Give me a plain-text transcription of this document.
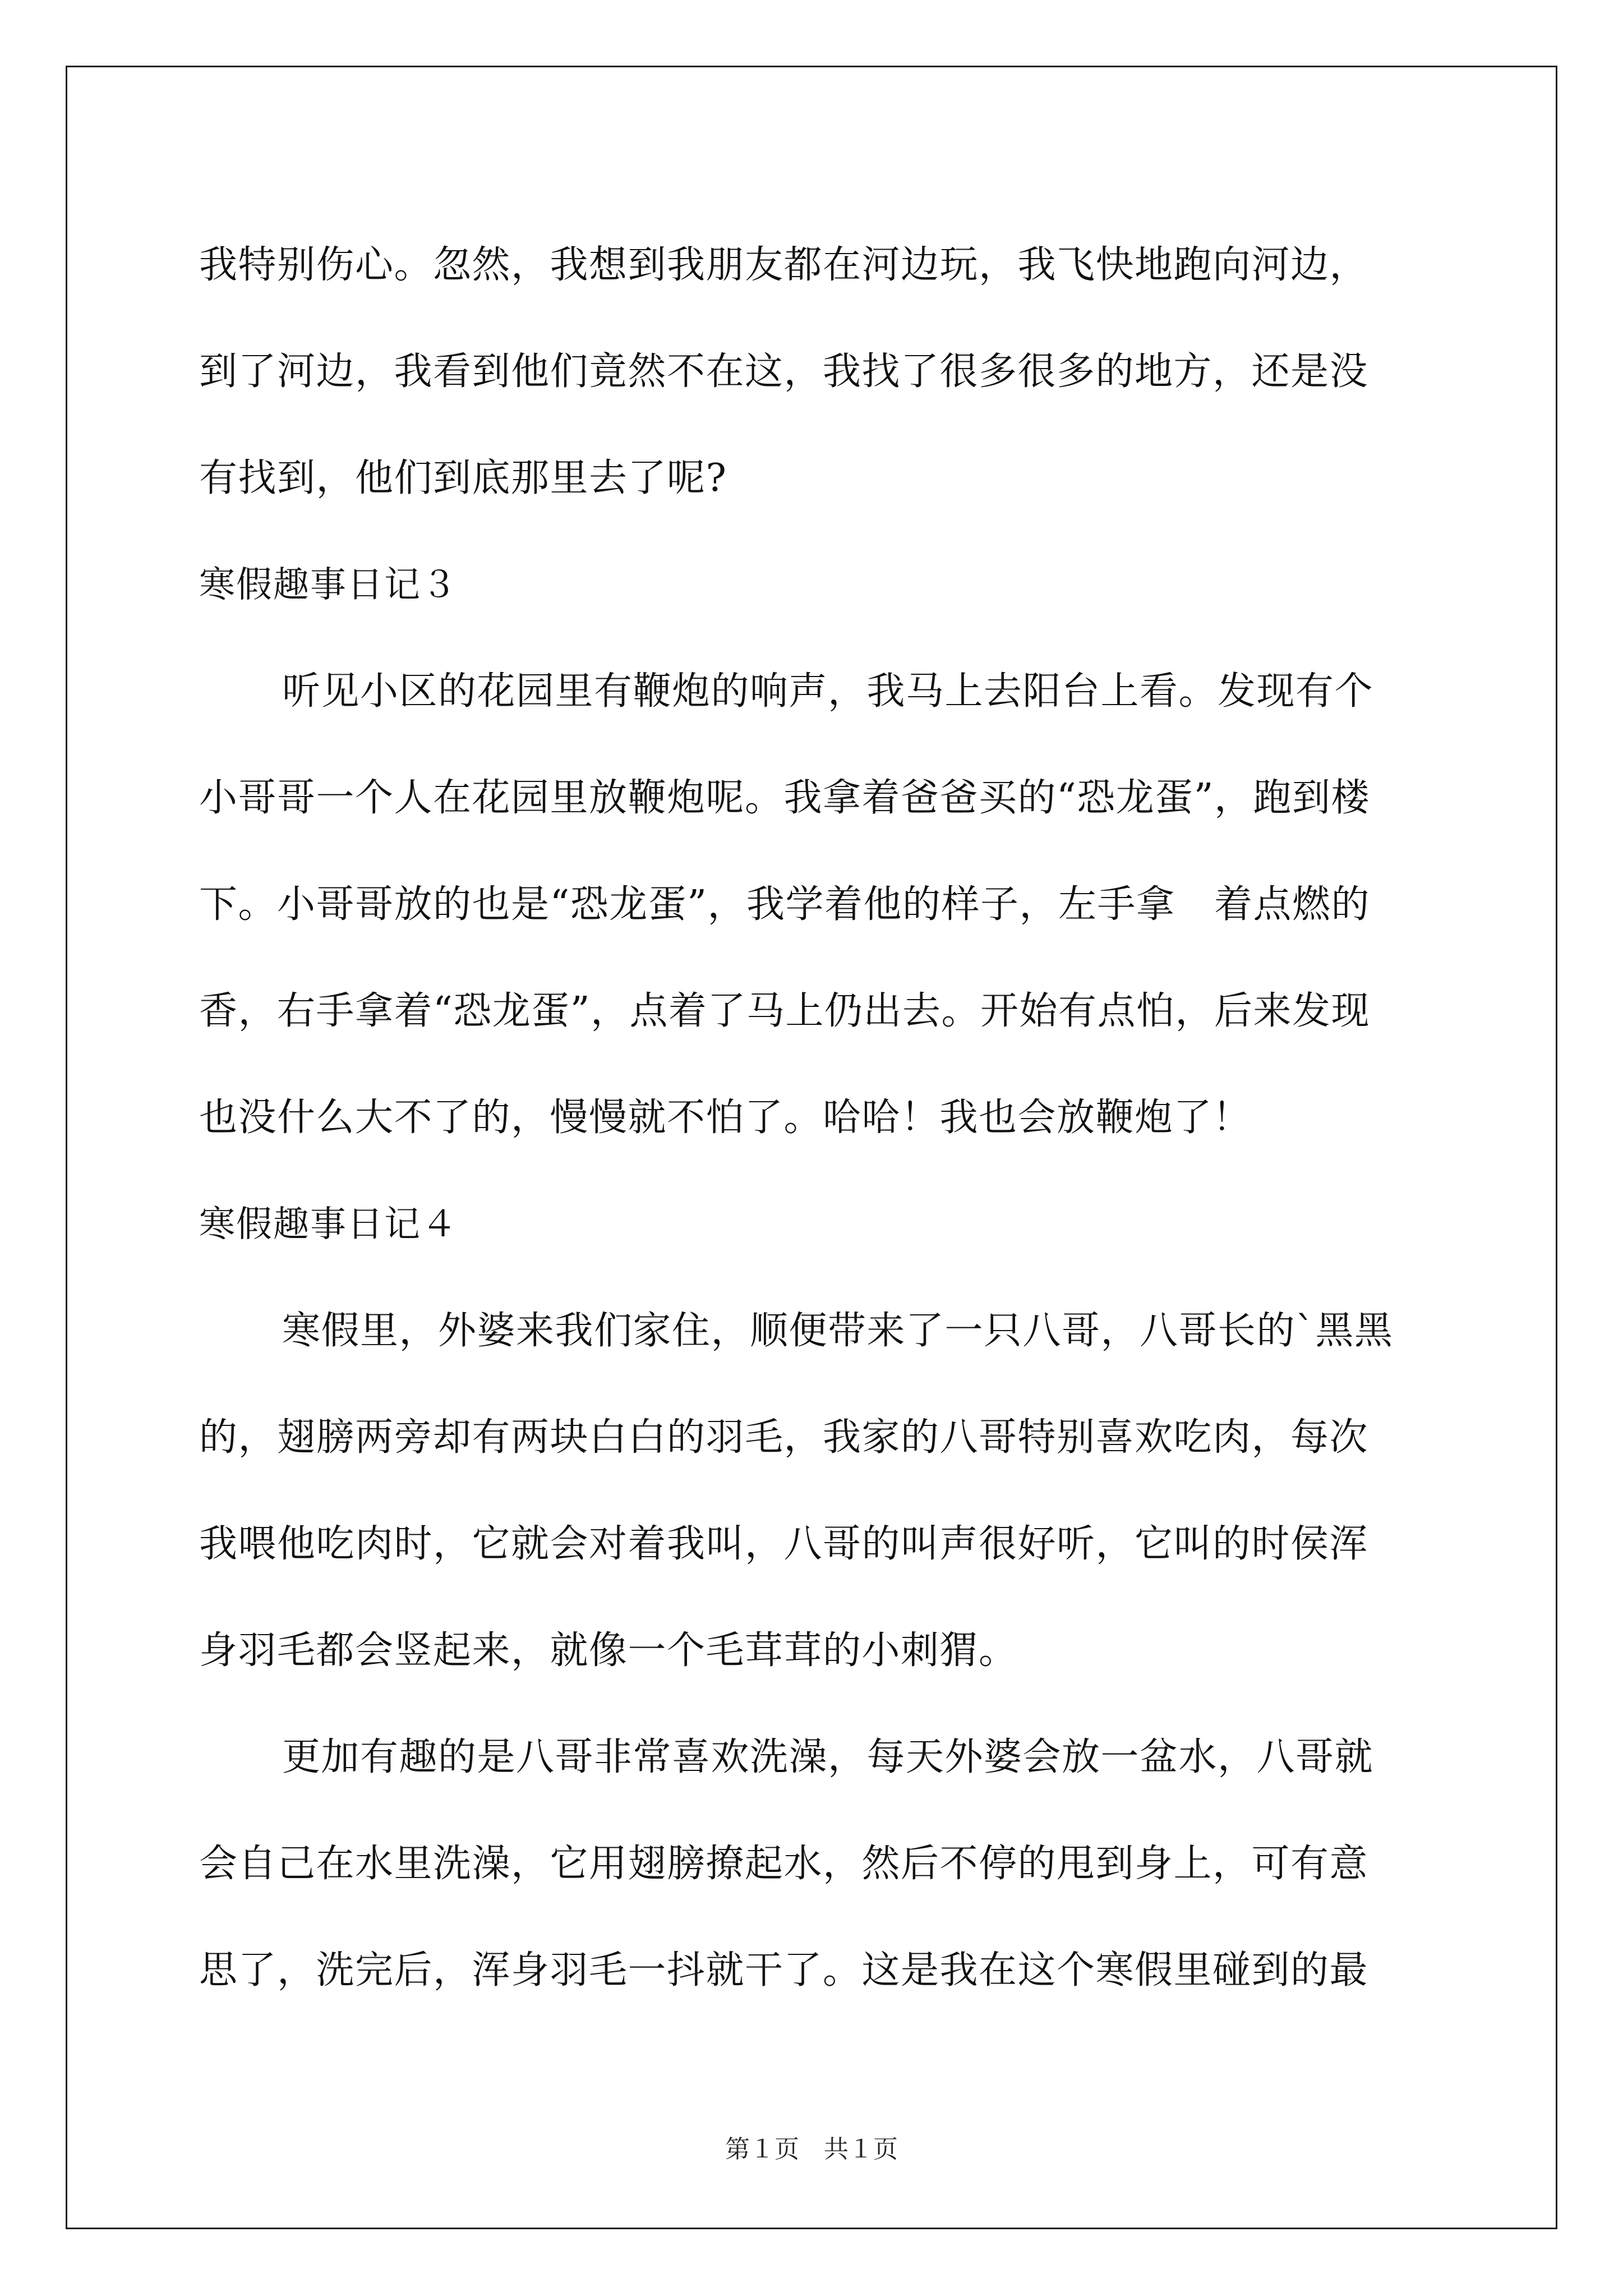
我特别伤心。忽然，我想到我朋友都在河边玩，我飞快地跑向河边，
到了河边，我看到他们竟然不在这，我找了很多很多的地方，还是没
有找到，他们到底那里去了呢?
寒假趣事日记３
听见小区的花园里有鞭炮的响声，我马上去阳台上看。发现有个
小哥哥一个人在花园里放鞭炮呢。我拿着爸爸买的“恐龙蛋”，跑到楼
下。小哥哥放的也是“恐龙蛋”，我学着他的样子，左手拿　着点燃的
香，右手拿着“恐龙蛋”，点着了马上仍出去。开始有点怕，后来发现
也没什么大不了的，慢慢就不怕了。哈哈！我也会放鞭炮了！
寒假趣事日记４
寒假里，外婆来我们家住，顺便带来了一只八哥，八哥长的`黑黑
的，翅膀两旁却有两块白白的羽毛，我家的八哥特别喜欢吃肉，每次
我喂他吃肉时，它就会对着我叫，八哥的叫声很好听，它叫的时侯浑
身羽毛都会竖起来，就像一个毛茸茸的小刺猬。
更加有趣的是八哥非常喜欢洗澡，每天外婆会放一盆水，八哥就
会自己在水里洗澡，它用翅膀撩起水，然后不停的甩到身上，可有意
思了，洗完后，浑身羽毛一抖就干了。这是我在这个寒假里碰到的最
第１页　共１页
